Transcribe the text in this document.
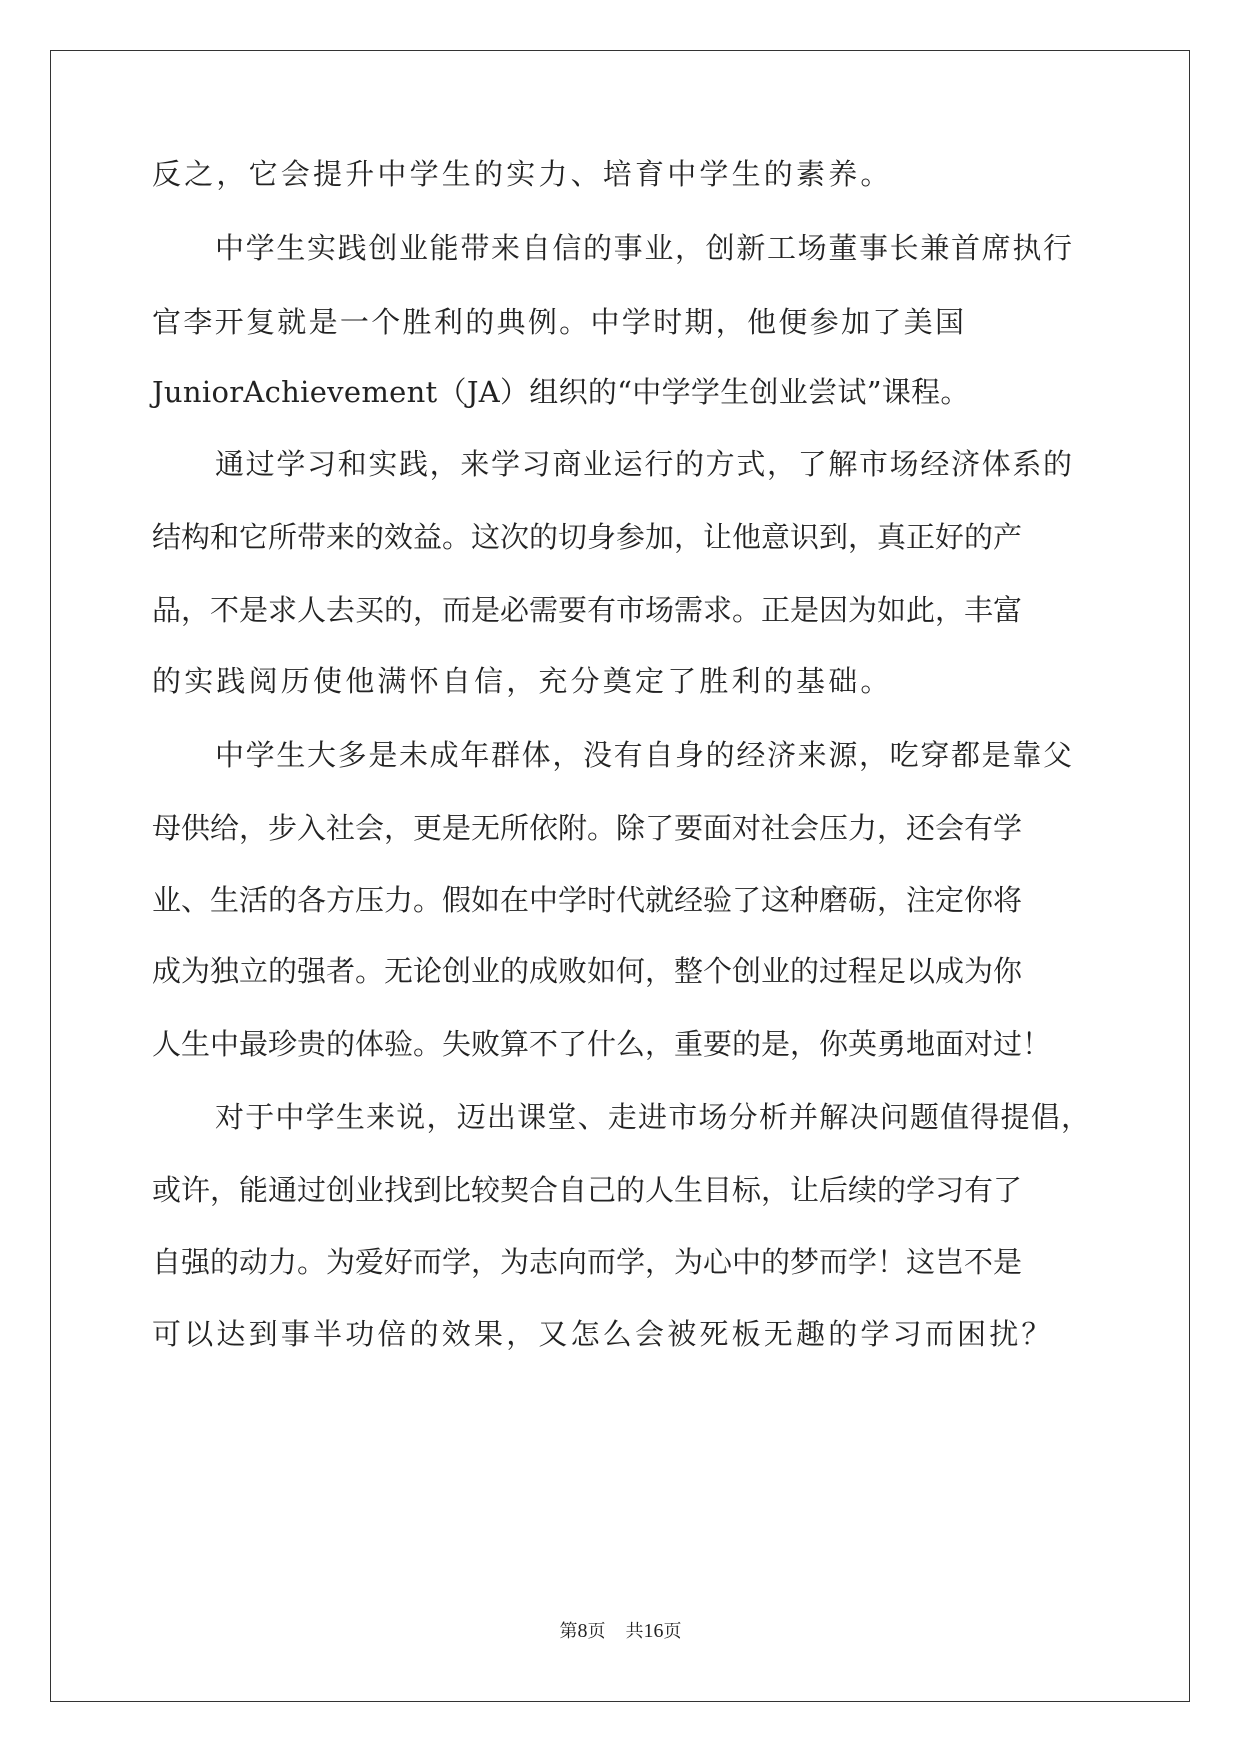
反之，它会提升中学生的实力、培育中学生的素养。
中学生实践创业能带来自信的事业，创新工场董事长兼首席执行
官李开复就是一个胜利的典例。中学时期，他便参加了美国
JuniorAchievement（JA）组织的“中学学生创业尝试”课程。
通过学习和实践，来学习商业运行的方式，了解市场经济体系的
结构和它所带来的效益。这次的切身参加，让他意识到，真正好的产
品，不是求人去买的，而是必需要有市场需求。正是因为如此，丰富
的实践阅历使他满怀自信，充分奠定了胜利的基础。
中学生大多是未成年群体，没有自身的经济来源，吃穿都是靠父
母供给，步入社会，更是无所依附。除了要面对社会压力，还会有学
业、生活的各方压力。假如在中学时代就经验了这种磨砺，注定你将
成为独立的强者。无论创业的成败如何，整个创业的过程足以成为你
人生中最珍贵的体验。失败算不了什么，重要的是，你英勇地面对过！
对于中学生来说，迈出课堂、走进市场分析并解决问题值得提倡，
或许，能通过创业找到比较契合自己的人生目标，让后续的学习有了
自强的动力。为爱好而学，为志向而学，为心中的梦而学！这岂不是
可以达到事半功倍的效果，又怎么会被死板无趣的学习而困扰？
第8页 共16页
